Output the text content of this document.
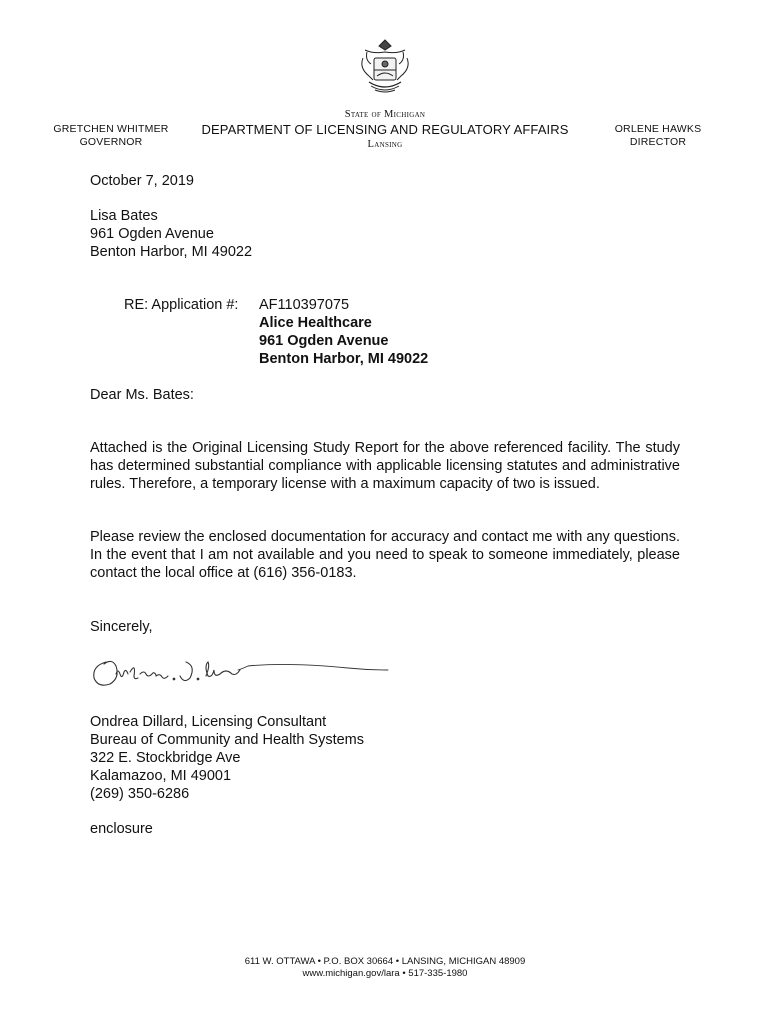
GRETCHEN WHITMER
GOVERNOR
State of Michigan
DEPARTMENT OF LICENSING AND REGULATORY AFFAIRS
Lansing
ORLENE HAWKS
DIRECTOR
October 7, 2019
Lisa Bates
961 Ogden Avenue
Benton Harbor, MI 49022
RE: Application #: AF110397075
Alice Healthcare
961 Ogden Avenue
Benton Harbor, MI 49022
Dear Ms. Bates:
Attached is the Original Licensing Study Report for the above referenced facility. The study has determined substantial compliance with applicable licensing statutes and administrative rules. Therefore, a temporary license with a maximum capacity of two is issued.
Please review the enclosed documentation for accuracy and contact me with any questions. In the event that I am not available and you need to speak to someone immediately, please contact the local office at (616) 356-0183.
Sincerely,
Ondrea Dillard, Licensing Consultant
Bureau of Community and Health Systems
322 E. Stockbridge Ave
Kalamazoo, MI 49001
(269) 350-6286
enclosure
611 W. OTTAWA • P.O. BOX 30664 • LANSING, MICHIGAN 48909
www.michigan.gov/lara • 517-335-1980
